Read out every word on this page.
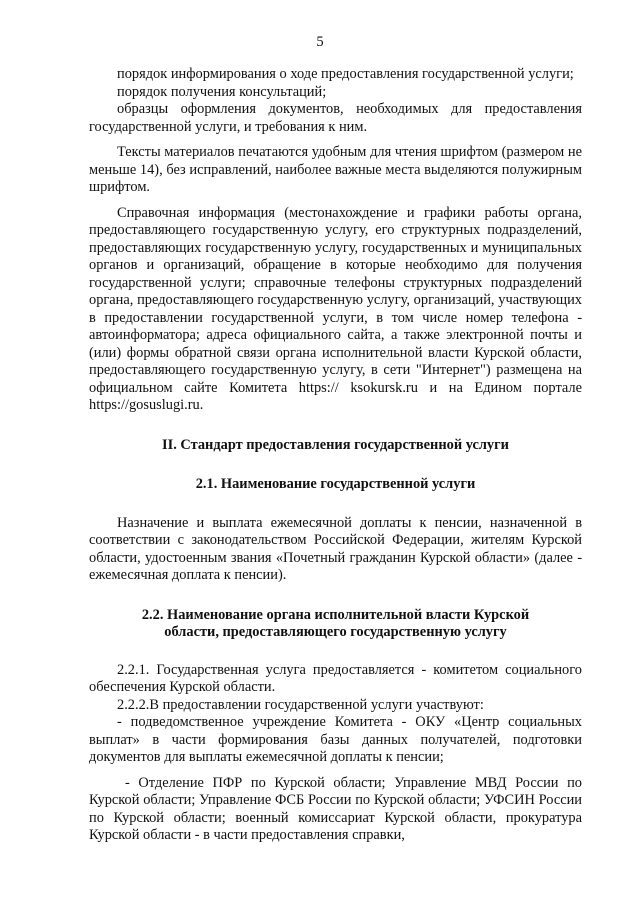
5

порядок информирования о ходе предоставления государственной услуги;

порядок получения консультаций;

образцы оформления документов, необходимых для предоставления государственной услуги, и требования к ним.

Тексты материалов печатаются удобным для чтения шрифтом (размером не меньше 14), без исправлений, наиболее важные места выделяются полужирным шрифтом.

Справочная информация (местонахождение и графики работы органа, предоставляющего государственную услугу, его структурных подразделений, предоставляющих государственную услугу, государственных и муниципальных органов и организаций, обращение в которые необходимо для получения государственной услуги; справочные телефоны структурных подразделений органа, предоставляющего государственную услугу, организаций, участвующих в предоставлении государственной услуги, в том числе номер телефона - автоинформатора; адреса официального сайта, а также электронной почты и (или) формы обратной связи органа исполнительной власти Курской области, предоставляющего государственную услугу, в сети "Интернет") размещена на официальном сайте Комитета https:// ksokursk.ru и на Едином портале https://gosuslugi.ru.

II. Стандарт предоставления государственной услуги

2.1. Наименование государственной услуги

Назначение и выплата ежемесячной доплаты к пенсии, назначенной в соответствии с законодательством Российской Федерации, жителям Курской области, удостоенным звания «Почетный гражданин Курской области» (далее - ежемесячная доплата к пенсии).

2.2. Наименование органа исполнительной власти Курской

области, предоставляющего государственную услугу

2.2.1. Государственная услуга предоставляется - комитетом социального обеспечения Курской области.

2.2.2.В предоставлении государственной услуги участвуют:

- подведомственное учреждение Комитета - ОКУ «Центр социальных выплат» в части формирования базы данных получателей, подготовки документов для выплаты ежемесячной доплаты к пенсии;

- Отделение ПФР по Курской области; Управление МВД России по Курской области; Управление ФСБ России по Курской области; УФСИН России по Курской области; военный комиссариат Курской области, прокуратура Курской области - в части предоставления справки,
